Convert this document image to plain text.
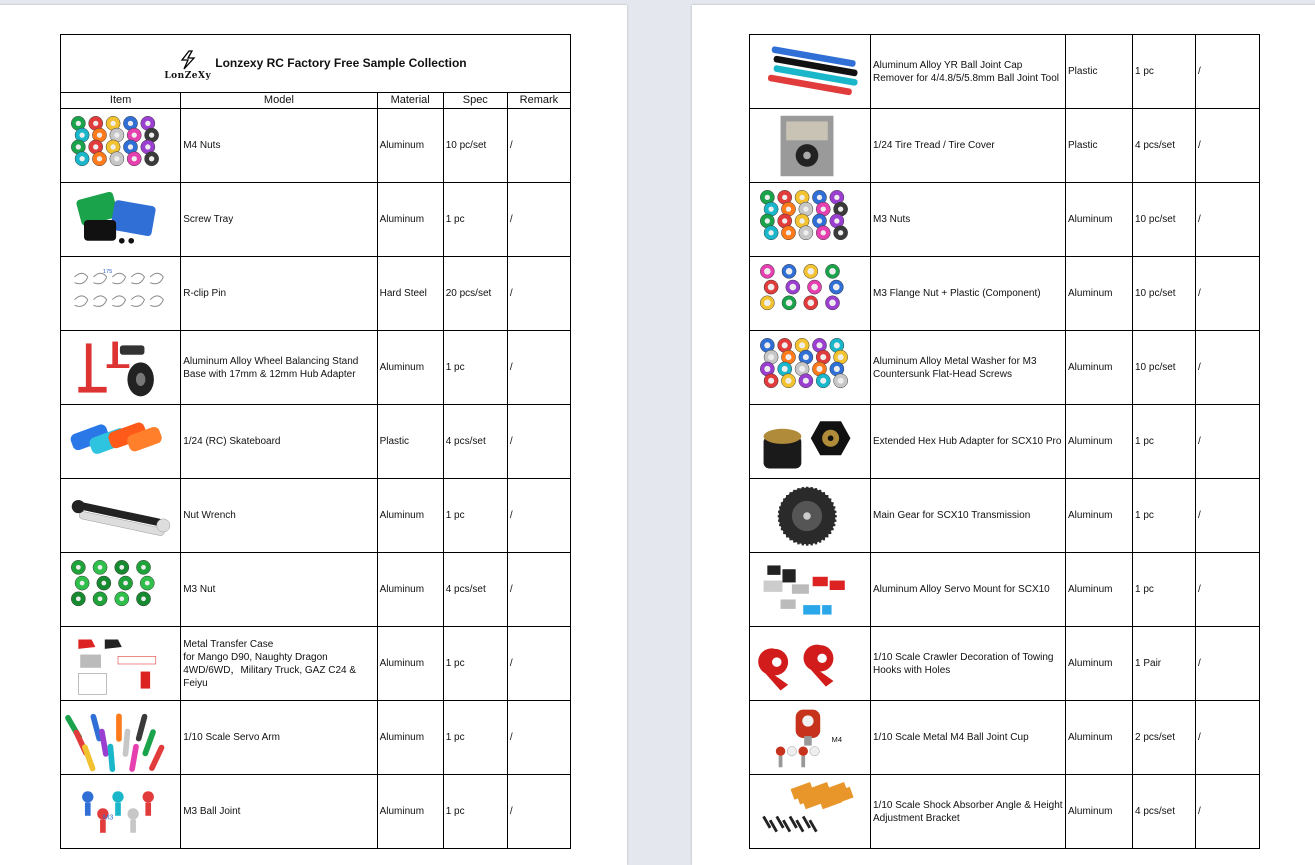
LonZeXy
Lonzexy RC Factory Free Sample Collection				

Item	Model	Material	Spec	Remark

	M4 Nuts	Aluminum	10 pc/set	/

	Screw Tray	Aluminum	1 pc	/

175	R-clip Pin	Hard Steel	20 pcs/set	/

	Aluminum Alloy Wheel Balancing Stand Base with 17mm & 12mm Hub Adapter	Aluminum	1 pc	/

	1/24 (RC) Skateboard	Plastic	4 pcs/set	/

	Nut Wrench	Aluminum	1 pc	/

	M3 Nut	Aluminum	4 pcs/set	/

	Metal Transfer Case
for Mango D90, Naughty Dragon 4WD/6WD，Military Truck, GAZ C24 & Feiyu	Aluminum	1 pc	/

	1/10 Scale Servo Arm	Aluminum	1 pc	/

M3	M3 Ball Joint	Aluminum	1 pc	/
	Aluminum Alloy YR Ball Joint Cap Remover for 4/4.8/5/5.8mm Ball Joint Tool	Plastic	1 pc	/

	1/24 Tire Tread / Tire Cover	Plastic	4 pcs/set	/

	M3 Nuts	Aluminum	10 pc/set	/

	M3 Flange Nut + Plastic (Component)	Aluminum	10 pc/set	/

	Aluminum Alloy Metal Washer for M3 Countersunk Flat-Head Screws	Aluminum	10 pc/set	/

	Extended Hex Hub Adapter for SCX10 Pro	Aluminum	1 pc	/

	Main Gear for SCX10 Transmission	Aluminum	1 pc	/

	Aluminum Alloy Servo Mount for SCX10	Aluminum	1 pc	/

	1/10 Scale Crawler Decoration of Towing Hooks with Holes	Aluminum	1 Pair	/

M4	1/10 Scale Metal M4 Ball Joint Cup	Aluminum	2 pcs/set	/

	1/10 Scale Shock Absorber Angle & Height Adjustment Bracket	Aluminum	4 pcs/set	/
